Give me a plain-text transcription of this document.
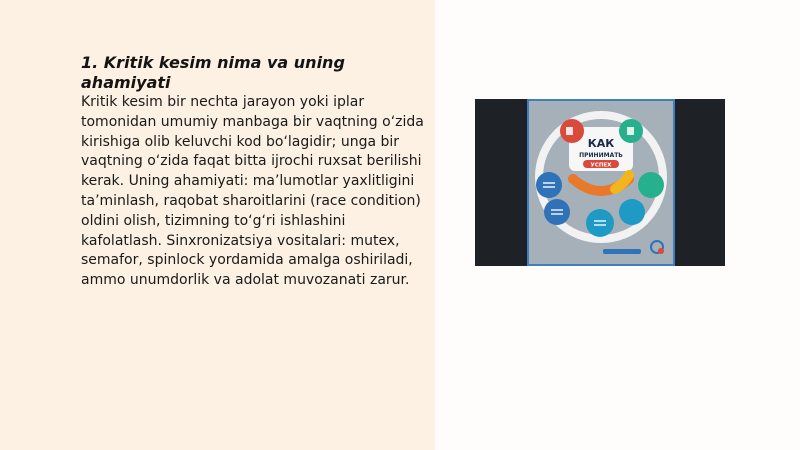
1. Kritik kesim nima va uning ahamiyati

Kritik kesim bir nechta jarayon yoki iplar tomonidan umumiy manbaga bir vaqtning o‘zida kirishiga olib keluvchi kod bo‘lagidir; unga bir vaqtning o‘zida faqat bitta ijrochi ruxsat berilishi kerak. Uning ahamiyati: ma’lumotlar yaxlitligini ta’minlash, raqobat sharoitlarini (race condition) oldini olish, tizimning to‘g‘ri ishlashini kafolatlash. Sinxronizatsiya vositalari: mutex, semafor, spinlock yordamida amalga oshiriladi, ammo unumdorlik va adolat muvozanati zarur.

КАК
ПРИНИМАТЬ
УСПЕХ
